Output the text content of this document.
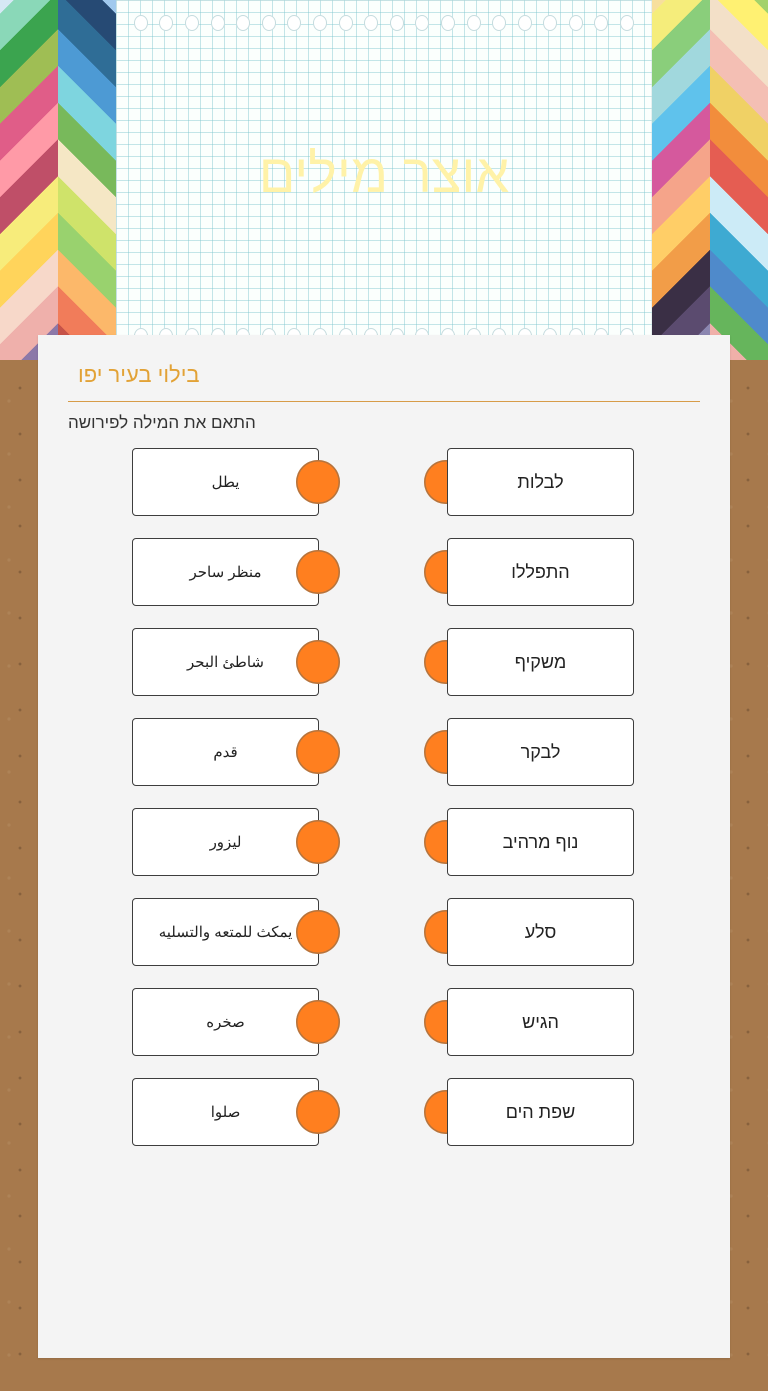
אוצר מילים
בילוי בעיר יפו
התאם את המילה לפירושה
يطل	לבלות
منظر ساحر	התפללו
شاطئ البحر	משקיף
قدم	לבקר
ليزور	נוף מרהיב
يمكث للمتعه والتسليه	סלע
صخره	הגיש
صلوا	שפת הים
